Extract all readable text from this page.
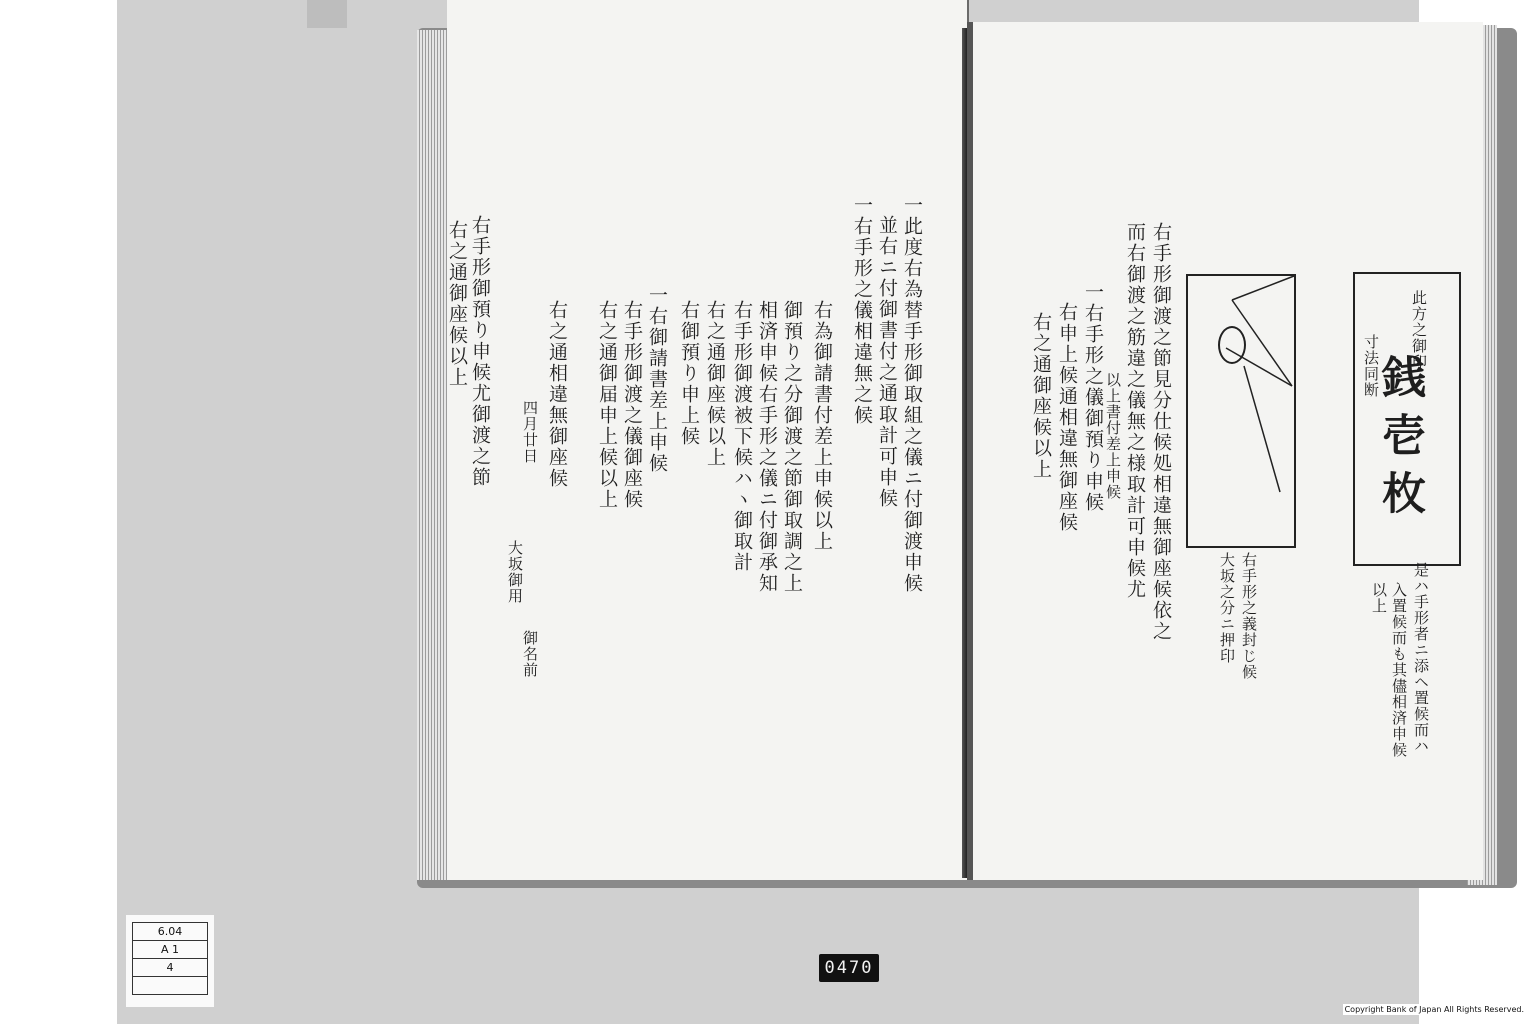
一此度右為替手形御取組之儀ニ付御渡申候
並右ニ付御書付之通取計可申候
一右手形之儀相違無之候
右為御請書付差上申候以上
御預り之分御渡之節御取調之上
相済申候右手形之儀ニ付御承知
右手形御渡被下候ハヽ御取計
右之通御座候以上
右御預り申上候
一右御請書差上申候
右手形御渡之儀御座候
右之通御届申上候以上
右之通相違無御座候
四月廿日
大坂御用
御名前
右手形御預り申候尤御渡之節
右之通御座候以上	此方之御印
銭壱枚
寸法同断
是ハ手形者ニ添ヘ置候而ハ
入置候而も其儘相済申候
以上
右手形之義封じ候
大坂之分ニ押印
右手形御渡之節見分仕候処相違無御座候依之
而右御渡之筋違之儀無之様取計可申候尤
一右手形之儀御預り申候
右申上候通相違無御座候 以上書付差上申候
右之通御座候以上
6.04
A 1
4	0470
Copyright Bank of Japan All Rights Reserved.
